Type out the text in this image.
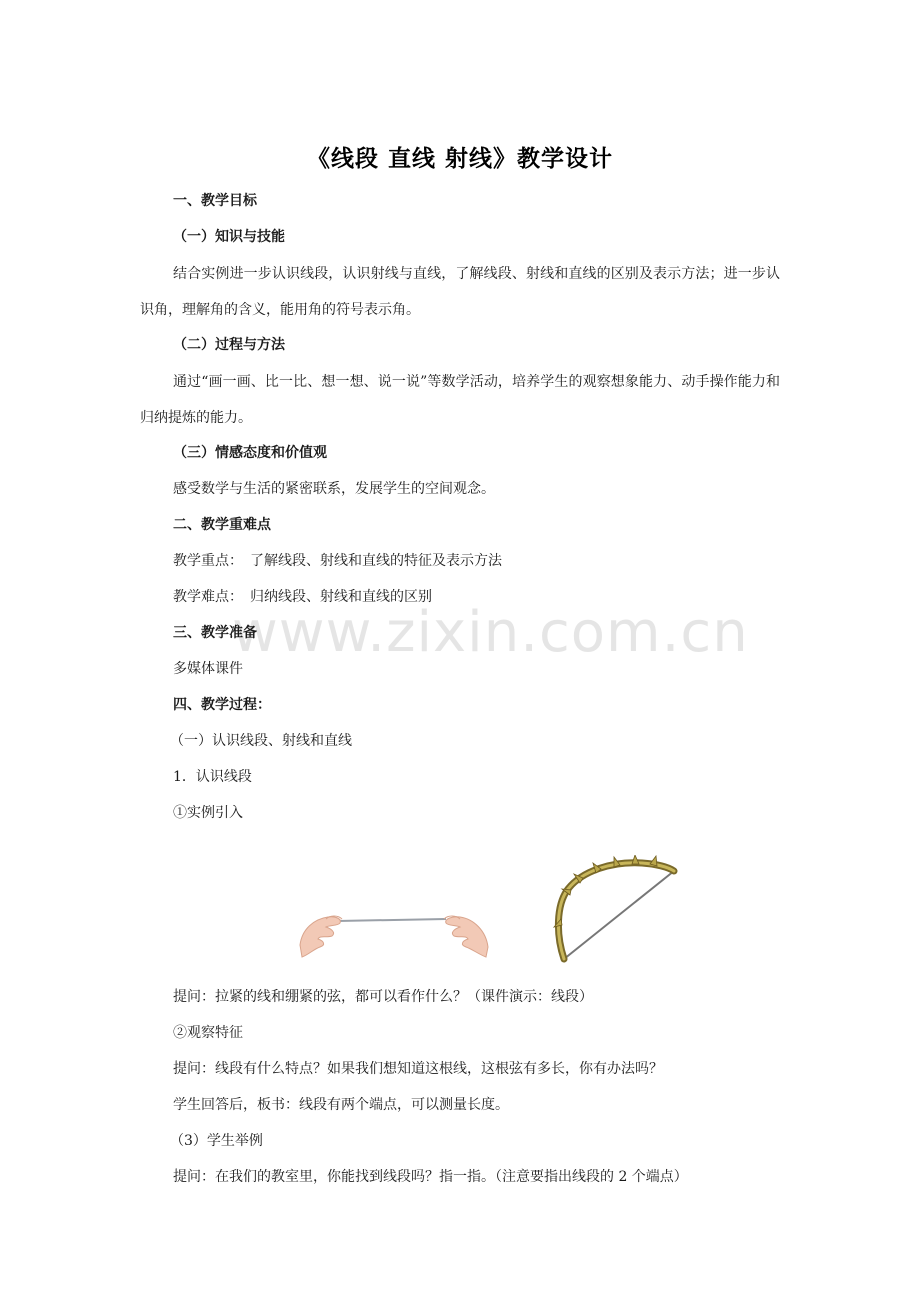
www.zixin.com.cn
《线段 直线 射线》教学设计
一、教学目标
（一）知识与技能
结合实例进一步认识线段，认识射线与直线，了解线段、射线和直线的区别及表示方法；进一步认识角，理解角的含义，能用角的符号表示角。
（二）过程与方法
通过“画一画、比一比、想一想、说一说”等数学活动，培养学生的观察想象能力、动手操作能力和归纳提炼的能力。
（三）情感态度和价值观
感受数学与生活的紧密联系，发展学生的空间观念。
二、教学重难点
教学重点：　了解线段、射线和直线的特征及表示方法
教学难点：　归纳线段、射线和直线的区别
三、教学准备
多媒体课件
四、教学过程：
（一）认识线段、射线和直线
1．认识线段
①实例引入
提问：拉紧的线和绷紧的弦，都可以看作什么？（课件演示：线段）
②观察特征
提问：线段有什么特点？如果我们想知道这根线，这根弦有多长，你有办法吗？
学生回答后，板书：线段有两个端点，可以测量长度。
（3）学生举例
提问：在我们的教室里，你能找到线段吗？指一指。（注意要指出线段的 2 个端点）
